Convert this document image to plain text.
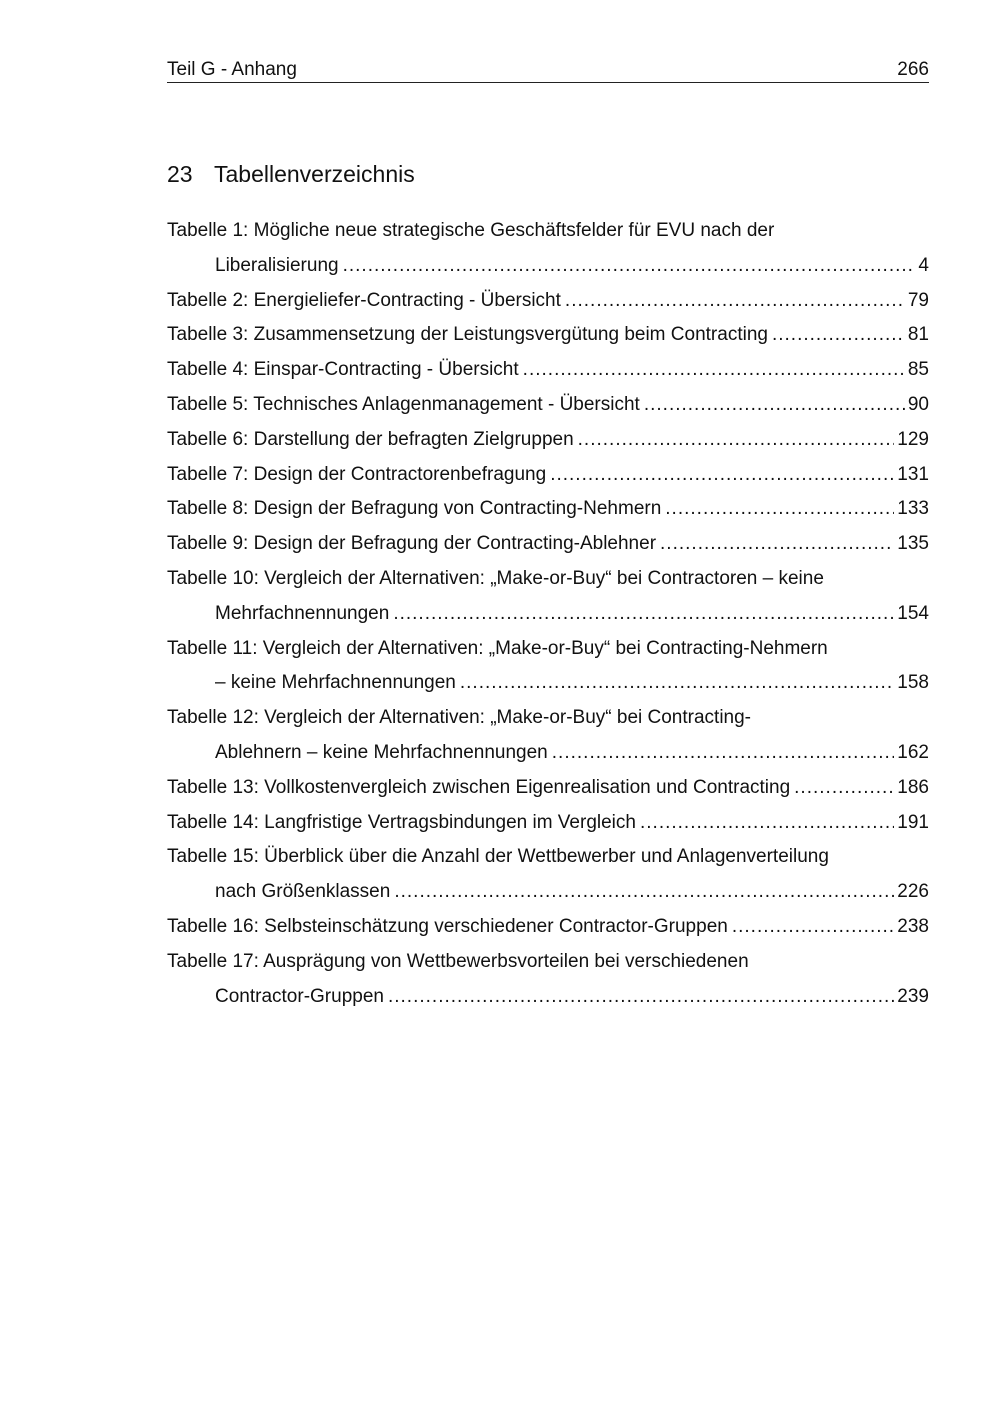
Teil G - Anhang	266
23 Tabellenverzeichnis
Tabelle 1: Mögliche neue strategische Geschäftsfelder für EVU nach der
Liberalisierung .....	4
Tabelle 2: Energieliefer-Contracting - Übersicht .....	79
Tabelle 3: Zusammensetzung der Leistungsvergütung beim Contracting .....	81
Tabelle 4: Einspar-Contracting - Übersicht .....	85
Tabelle 5: Technisches Anlagenmanagement - Übersicht .....	90
Tabelle 6: Darstellung der befragten Zielgruppen .....	129
Tabelle 7: Design der Contractorenbefragung .....	131
Tabelle 8: Design der Befragung von Contracting-Nehmern .....	133
Tabelle 9: Design der Befragung der Contracting-Ablehner .....	135
Tabelle 10: Vergleich der Alternativen: „Make-or-Buy“ bei Contractoren – keine
Mehrfachnennungen .....	154
Tabelle 11: Vergleich der Alternativen: „Make-or-Buy“ bei Contracting-Nehmern
– keine Mehrfachnennungen .....	158
Tabelle 12: Vergleich der Alternativen: „Make-or-Buy“ bei Contracting-
Ablehnern – keine Mehrfachnennungen .....	162
Tabelle 13: Vollkostenvergleich zwischen Eigenrealisation und Contracting .....	186
Tabelle 14: Langfristige Vertragsbindungen im Vergleich .....	191
Tabelle 15: Überblick über die Anzahl der Wettbewerber und Anlagenverteilung
nach Größenklassen .....	226
Tabelle 16: Selbsteinschätzung verschiedener Contractor-Gruppen .....	238
Tabelle 17: Ausprägung von Wettbewerbsvorteilen bei verschiedenen
Contractor-Gruppen .....	239
